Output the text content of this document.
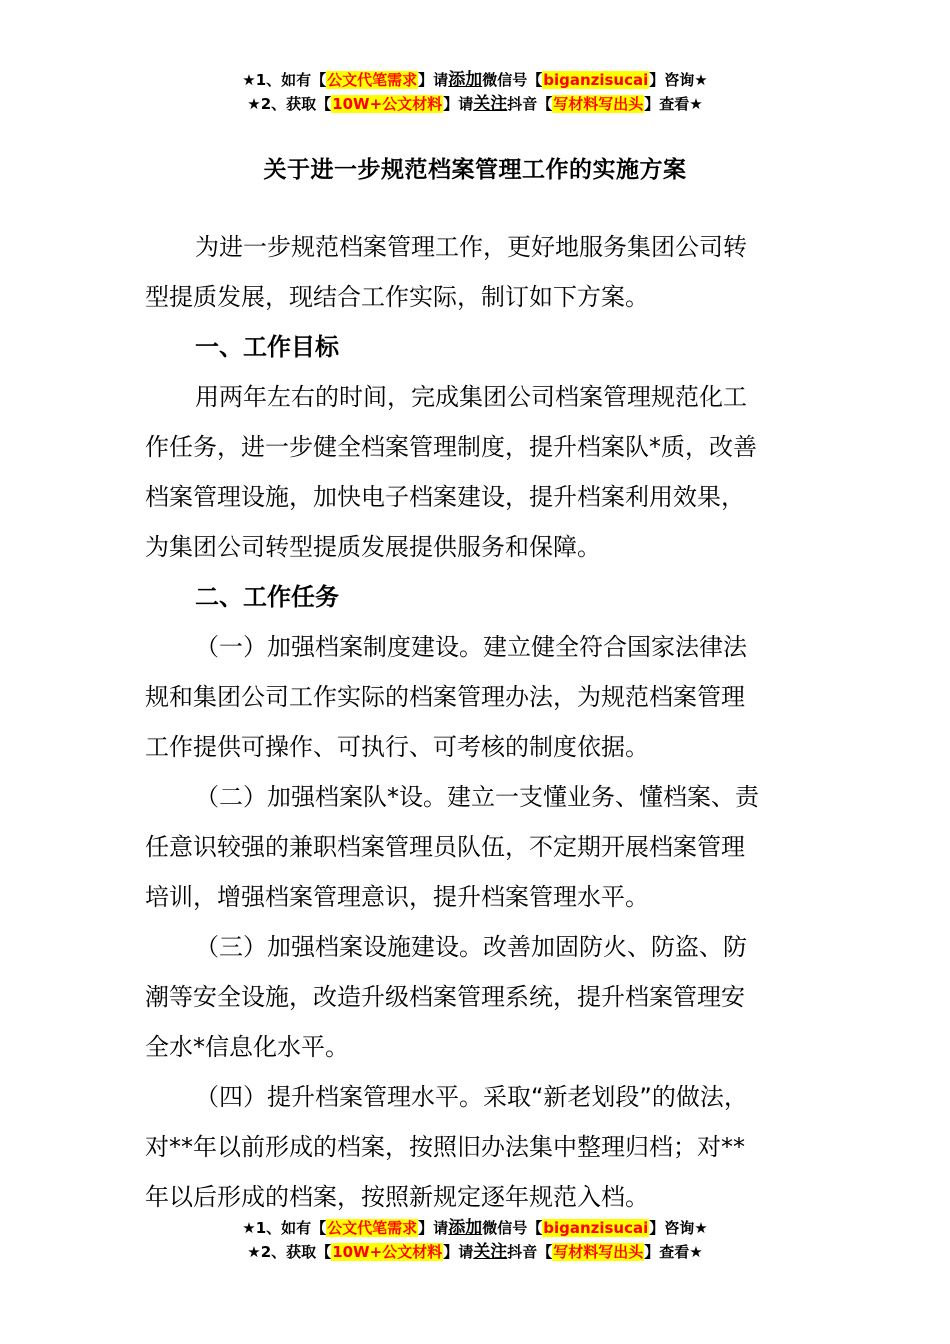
★1、如有【公文代笔需求】请添加微信号【biganzisucai】咨询★
★2、获取【10W+公文材料】请关注抖音【写材料写出头】查看★
关于进一步规范档案管理工作的实施方案
为进一步规范档案管理工作，更好地服务集团公司转
型提质发展，现结合工作实际，制订如下方案。
一、工作目标
用两年左右的时间，完成集团公司档案管理规范化工
作任务，进一步健全档案管理制度，提升档案队*质，改善
档案管理设施，加快电子档案建设，提升档案利用效果，
为集团公司转型提质发展提供服务和保障。
二、工作任务
（一）加强档案制度建设。建立健全符合国家法律法
规和集团公司工作实际的档案管理办法，为规范档案管理
工作提供可操作、可执行、可考核的制度依据。
（二）加强档案队*设。建立一支懂业务、懂档案、责
任意识较强的兼职档案管理员队伍，不定期开展档案管理
培训，增强档案管理意识，提升档案管理水平。
（三）加强档案设施建设。改善加固防火、防盗、防
潮等安全设施，改造升级档案管理系统，提升档案管理安
全水*信息化水平。
（四）提升档案管理水平。采取“新老划段”的做法，
对**年以前形成的档案，按照旧办法集中整理归档；对**
年以后形成的档案，按照新规定逐年规范入档。
★1、如有【公文代笔需求】请添加微信号【biganzisucai】咨询★
★2、获取【10W+公文材料】请关注抖音【写材料写出头】查看★
